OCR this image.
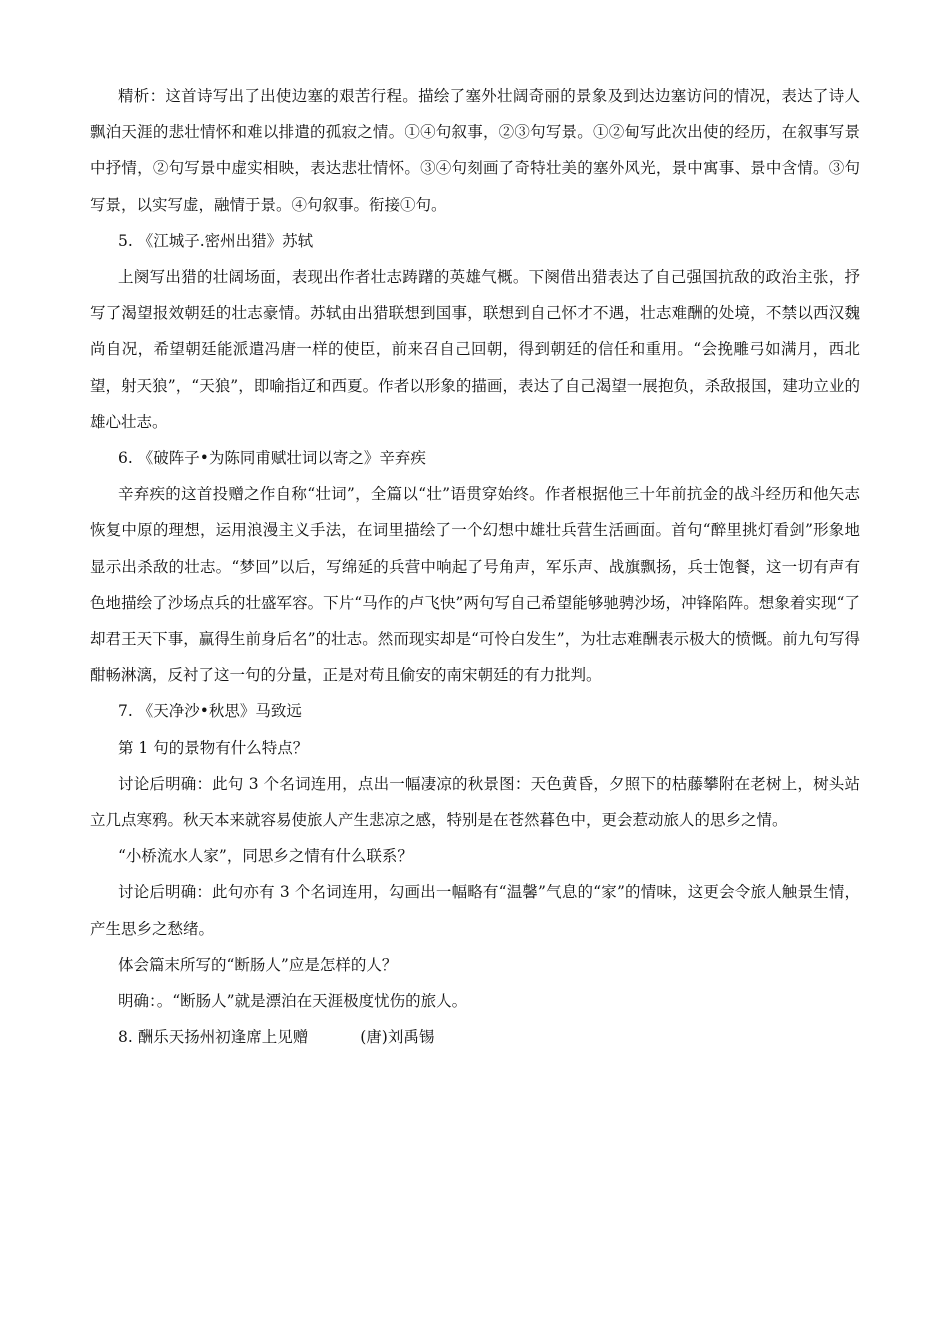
精析：这首诗写出了出使边塞的艰苦行程。描绘了塞外壮阔奇丽的景象及到达边塞访问的情况，表达了诗人飘泊天涯的悲壮情怀和难以排遣的孤寂之情。①④句叙事，②③句写景。①②甸写此次出使的经历，在叙事写景中抒情，②句写景中虚实相映，表达悲壮情怀。③④句刻画了奇特壮美的塞外风光，景中寓事、景中含情。③句写景，以实写虚，融情于景。④句叙事。衔接①句。

5. 《江城子.密州出猎》苏轼

上阕写出猎的壮阔场面，表现出作者壮志踌躇的英雄气概。下阕借出猎表达了自己强国抗敌的政治主张，抒写了渴望报效朝廷的壮志豪情。苏轼由出猎联想到国事，联想到自己怀才不遇，壮志难酬的处境，不禁以西汉魏尚自况，希望朝廷能派遣冯唐一样的使臣，前来召自己回朝，得到朝廷的信任和重用。“会挽雕弓如满月，西北望，射天狼”，“天狼”，即喻指辽和西夏。作者以形象的描画，表达了自己渴望一展抱负，杀敌报国，建功立业的雄心壮志。

6. 《破阵子•为陈同甫赋壮词以寄之》辛弃疾

辛弃疾的这首投赠之作自称“壮词”，全篇以“壮”语贯穿始终。作者根据他三十年前抗金的战斗经历和他矢志恢复中原的理想，运用浪漫主义手法，在词里描绘了一个幻想中雄壮兵营生活画面。首句“醉里挑灯看剑”形象地显示出杀敌的壮志。“梦回”以后，写绵延的兵营中响起了号角声，军乐声、战旗飘扬，兵士饱餐，这一切有声有色地描绘了沙场点兵的壮盛军容。下片“马作的卢飞快”两句写自己希望能够驰骋沙场，冲锋陷阵。想象着实现“了却君王天下事，赢得生前身后名”的壮志。然而现实却是“可怜白发生”，为壮志难酬表示极大的愤慨。前九句写得酣畅淋漓，反衬了这一句的分量，正是对苟且偷安的南宋朝廷的有力批判。

7. 《天净沙•秋思》马致远

第 1 句的景物有什么特点？

讨论后明确：此句 3 个名词连用，点出一幅凄凉的秋景图：天色黄昏，夕照下的枯藤攀附在老树上，树头站立几点寒鸦。秋天本来就容易使旅人产生悲凉之感，特别是在苍然暮色中，更会惹动旅人的思乡之情。

“小桥流水人家”，同思乡之情有什么联系？

讨论后明确：此句亦有 3 个名词连用，勾画出一幅略有“温馨”气息的“家”的情味，这更会令旅人触景生情，产生思乡之愁绪。

体会篇末所写的“断肠人”应是怎样的人？

明确：。“断肠人”就是漂泊在天涯极度忧伤的旅人。

8. 酬乐天扬州初逢席上见赠	(唐)刘禹锡
